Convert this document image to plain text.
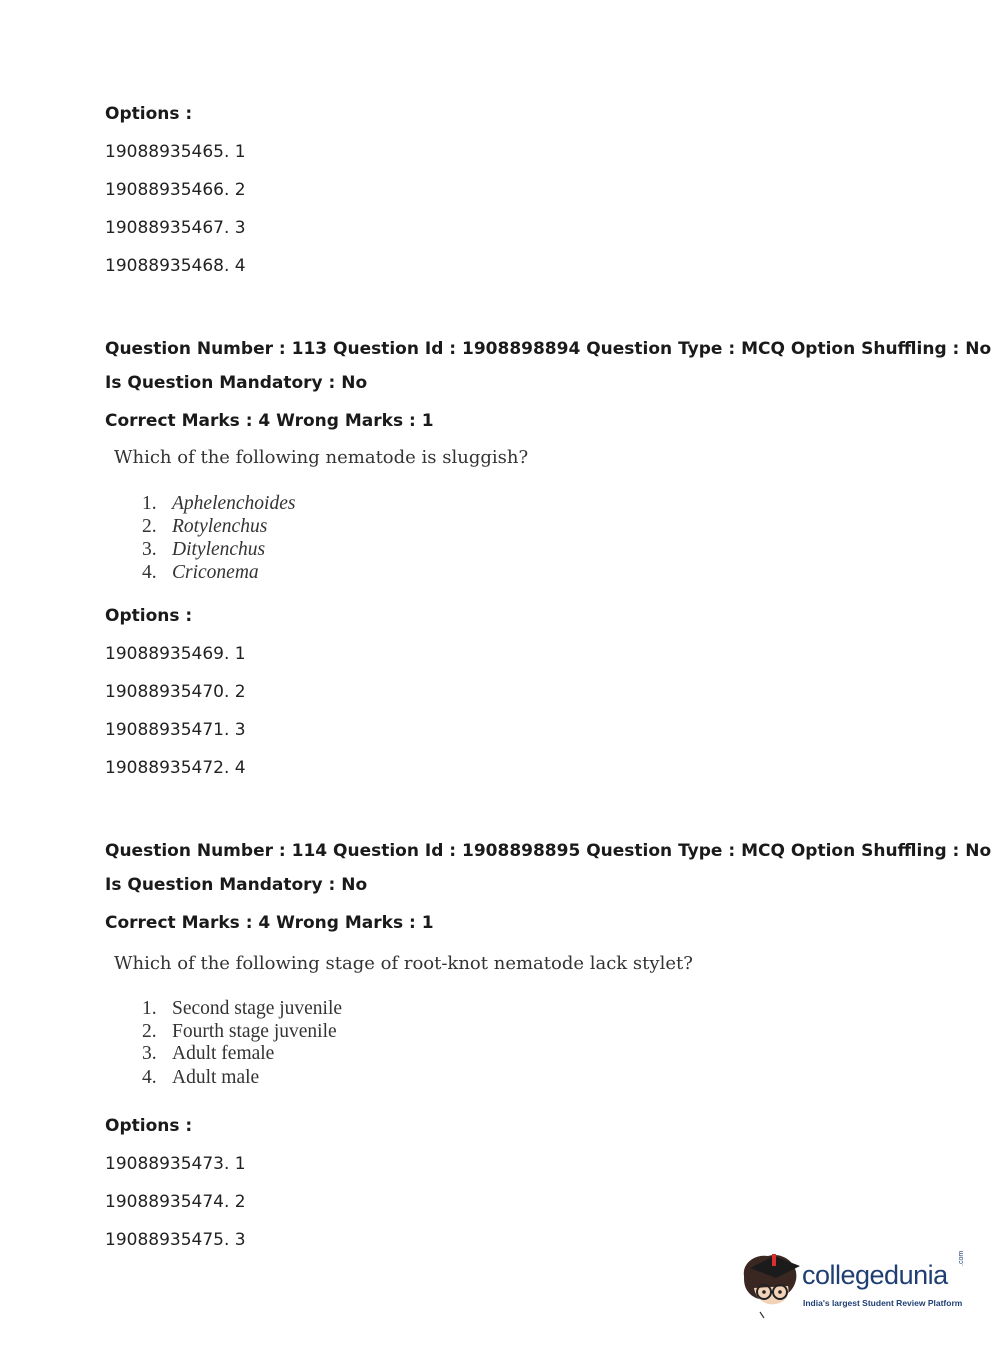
Options :
19088935465. 1
19088935466. 2
19088935467. 3
19088935468. 4
Question Number : 113 Question Id : 1908898894 Question Type : MCQ Option Shuffling : No
Is Question Mandatory : No
Correct Marks : 4 Wrong Marks : 1
Which of the following nematode is sluggish?
1. Aphelenchoides
2. Rotylenchus
3. Ditylenchus
4. Criconema
Options :
19088935469. 1
19088935470. 2
19088935471. 3
19088935472. 4
Question Number : 114 Question Id : 1908898895 Question Type : MCQ Option Shuffling : No
Is Question Mandatory : No
Correct Marks : 4 Wrong Marks : 1
Which of the following stage of root-knot nematode lack stylet?
1. Second stage juvenile
2. Fourth stage juvenile
3. Adult female
4. Adult male
Options :
19088935473. 1
19088935474. 2
19088935475. 3
collegedunia
.com
India's largest Student Review Platform
